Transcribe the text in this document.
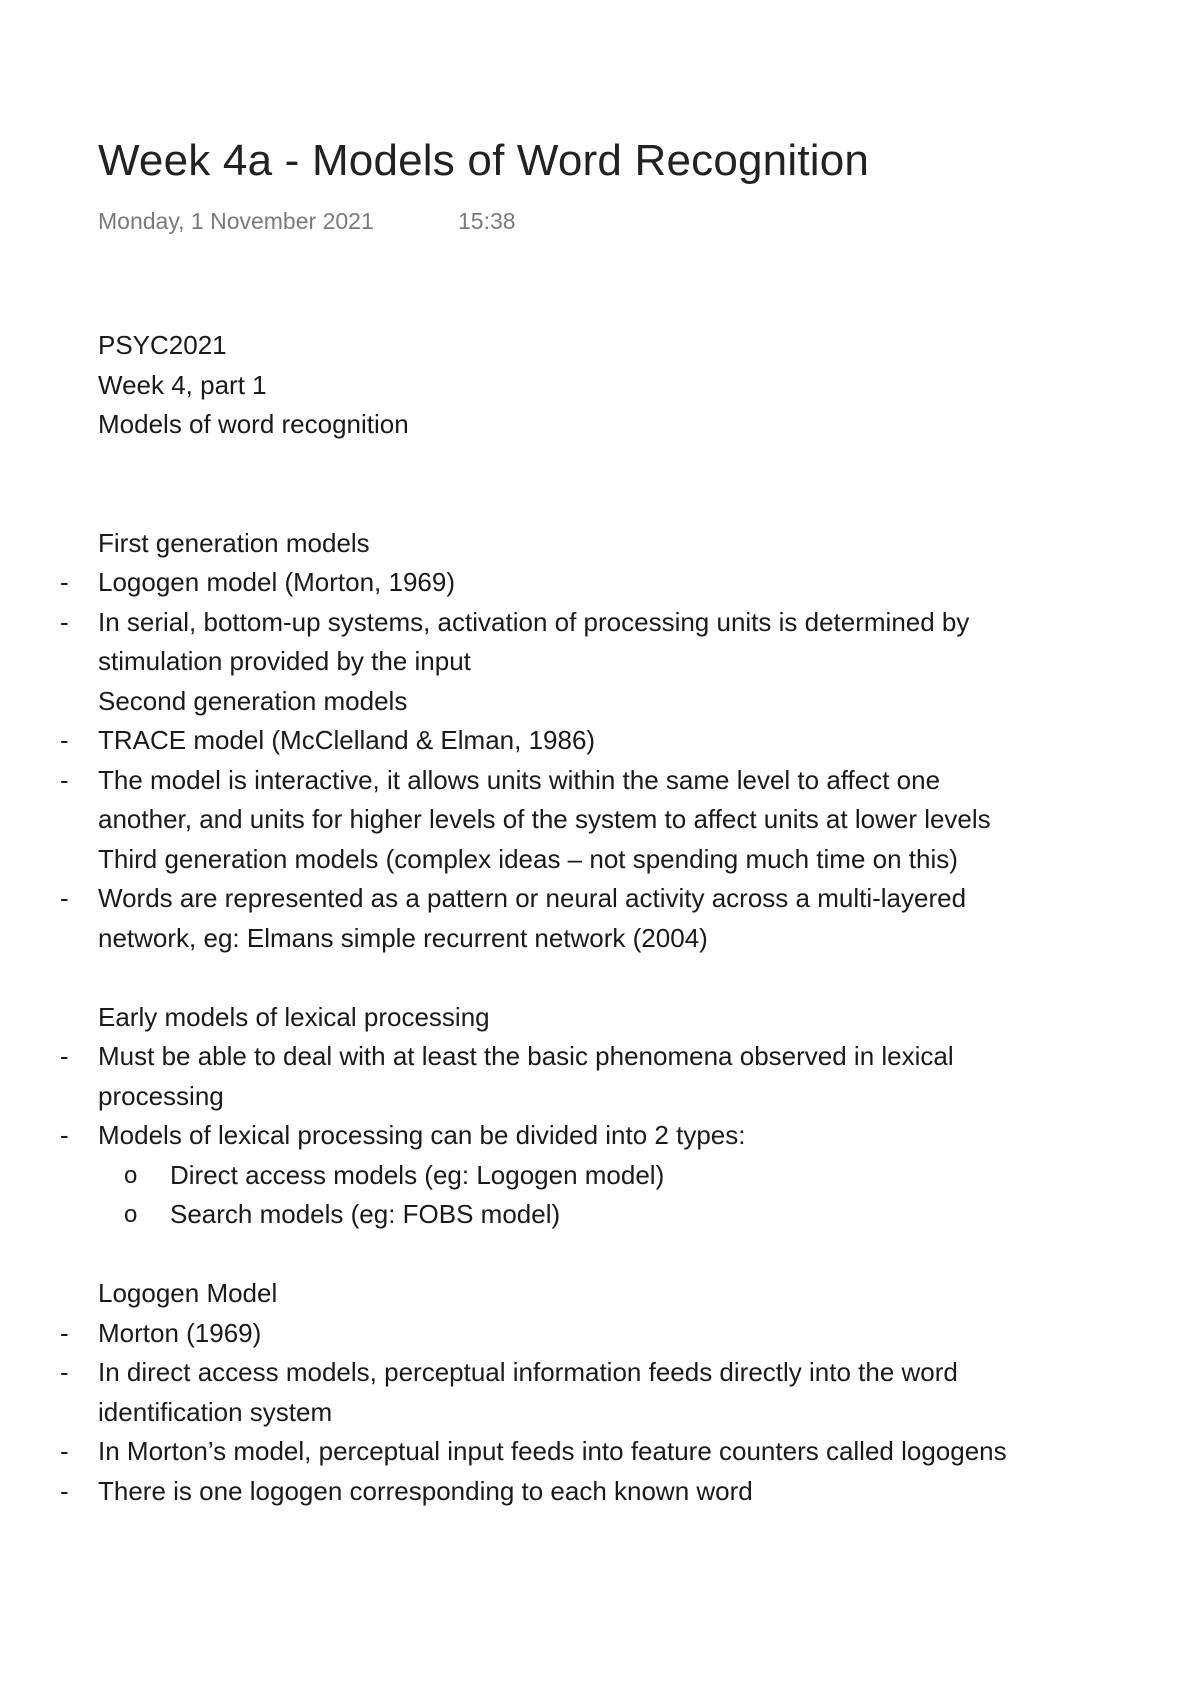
Week 4a - Models of Word Recognition
Monday, 1 November 2021	15:38
PSYC2021
Week 4, part 1
Models of word recognition
First generation models
- Logogen model (Morton, 1969)
- In serial, bottom-up systems, activation of processing units is determined by
stimulation provided by the input
Second generation models
- TRACE model (McClelland & Elman, 1986)
- The model is interactive, it allows units within the same level to affect one
another, and units for higher levels of the system to affect units at lower levels
Third generation models (complex ideas – not spending much time on this)
- Words are represented as a pattern or neural activity across a multi-layered
network, eg: Elmans simple recurrent network (2004)
Early models of lexical processing
- Must be able to deal with at least the basic phenomena observed in lexical
processing
- Models of lexical processing can be divided into 2 types:
o Direct access models (eg: Logogen model)
o Search models (eg: FOBS model)
Logogen Model
- Morton (1969)
- In direct access models, perceptual information feeds directly into the word
identification system
- In Morton’s model, perceptual input feeds into feature counters called logogens
- There is one logogen corresponding to each known word
